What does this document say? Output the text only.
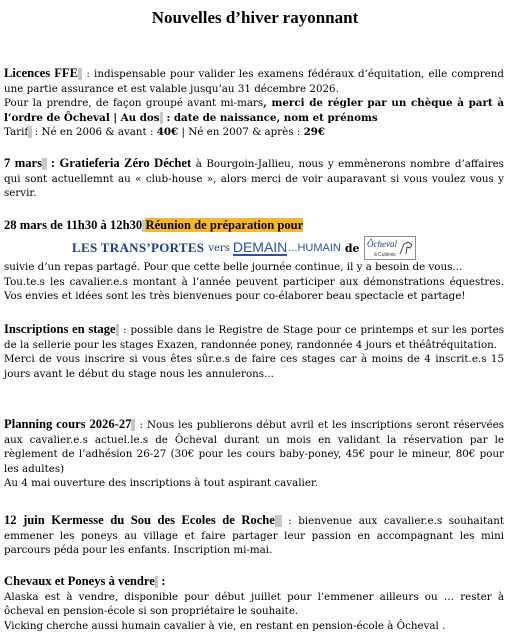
Nouvelles d’hiver rayonnant

Licences FFE  : indispensable pour valider les examens fédéraux d’équitation, elle comprend une partie assurance et est valable jusqu’au 31 décembre 2026.
Pour la prendre, de façon groupé avant mi-mars, merci de régler par un chèque à part à l’ordre de Ôcheval | Au dos  : date de naissance, nom et prénoms
Tarif  : Né en 2006 & avant : 40€ | Né en 2007 & après : 29€

7 mars  : Gratieferia Zéro Déchet à Bourgoin-Jallieu, nous y emmènerons nombre d’affaires qui sont actuellemnt au « club-house », alors merci de voir auparavant si vous voulez vous y servir.

28 mars de 11h30 à 12h30 Réunion de préparation pour

LES TRANS’PORTES vers DEMAIN ...HUMAIN de Ôcheval
à Culièvis

suivie d’un repas partagé. Pour que cette belle journée continue, il y a besoin de vous...

Tou.te.s les cavalier.e.s montant à l’année peuvent participer aux démonstrations équestres. Vos envies et idées sont les très bienvenues pour co-élaborer beau spectacle et partage!

Inscriptions en stage  : possible dans le Registre de Stage pour ce printemps et sur les portes de la sellerie pour les stages Exazen, randonnée poney, randonnée 4 jours et théâtréquitation.

Merci de vous inscrire si vous êtes sûr.e.s de faire ces stages car à moins de 4 inscrit.e.s 15 jours avant le début du stage nous les annulerons...

Planning cours 2026-27  : Nous les publierons début avril et les inscriptions seront réservées aux cavalier.e.s actuel.le.s de Ôcheval durant un mois en validant la réservation par le règlement de l’adhésion 26-27 (30€ pour les cours baby-poney, 45€ pour le mineur, 80€ pour les adultes)

Au 4 mai ouverture des inscriptions à tout aspirant cavalier.

12 juin Kermesse du Sou des Ecoles de Roche  : bienvenue aux cavalier.e.s souhaitant emmener les poneys au village et faire partager leur passion en accompagnant les mini parcours péda pour les enfants. Inscription mi-mai.

Chevaux et Poneys à vendre  :

Alaska est à vendre, disponible pour début juillet pour l’emmener ailleurs ou … rester à ôcheval en pension-école si son propriétaire le souhaite.

Vicking cherche aussi humain cavalier à vie, en restant en pension-école à Ôcheval .
